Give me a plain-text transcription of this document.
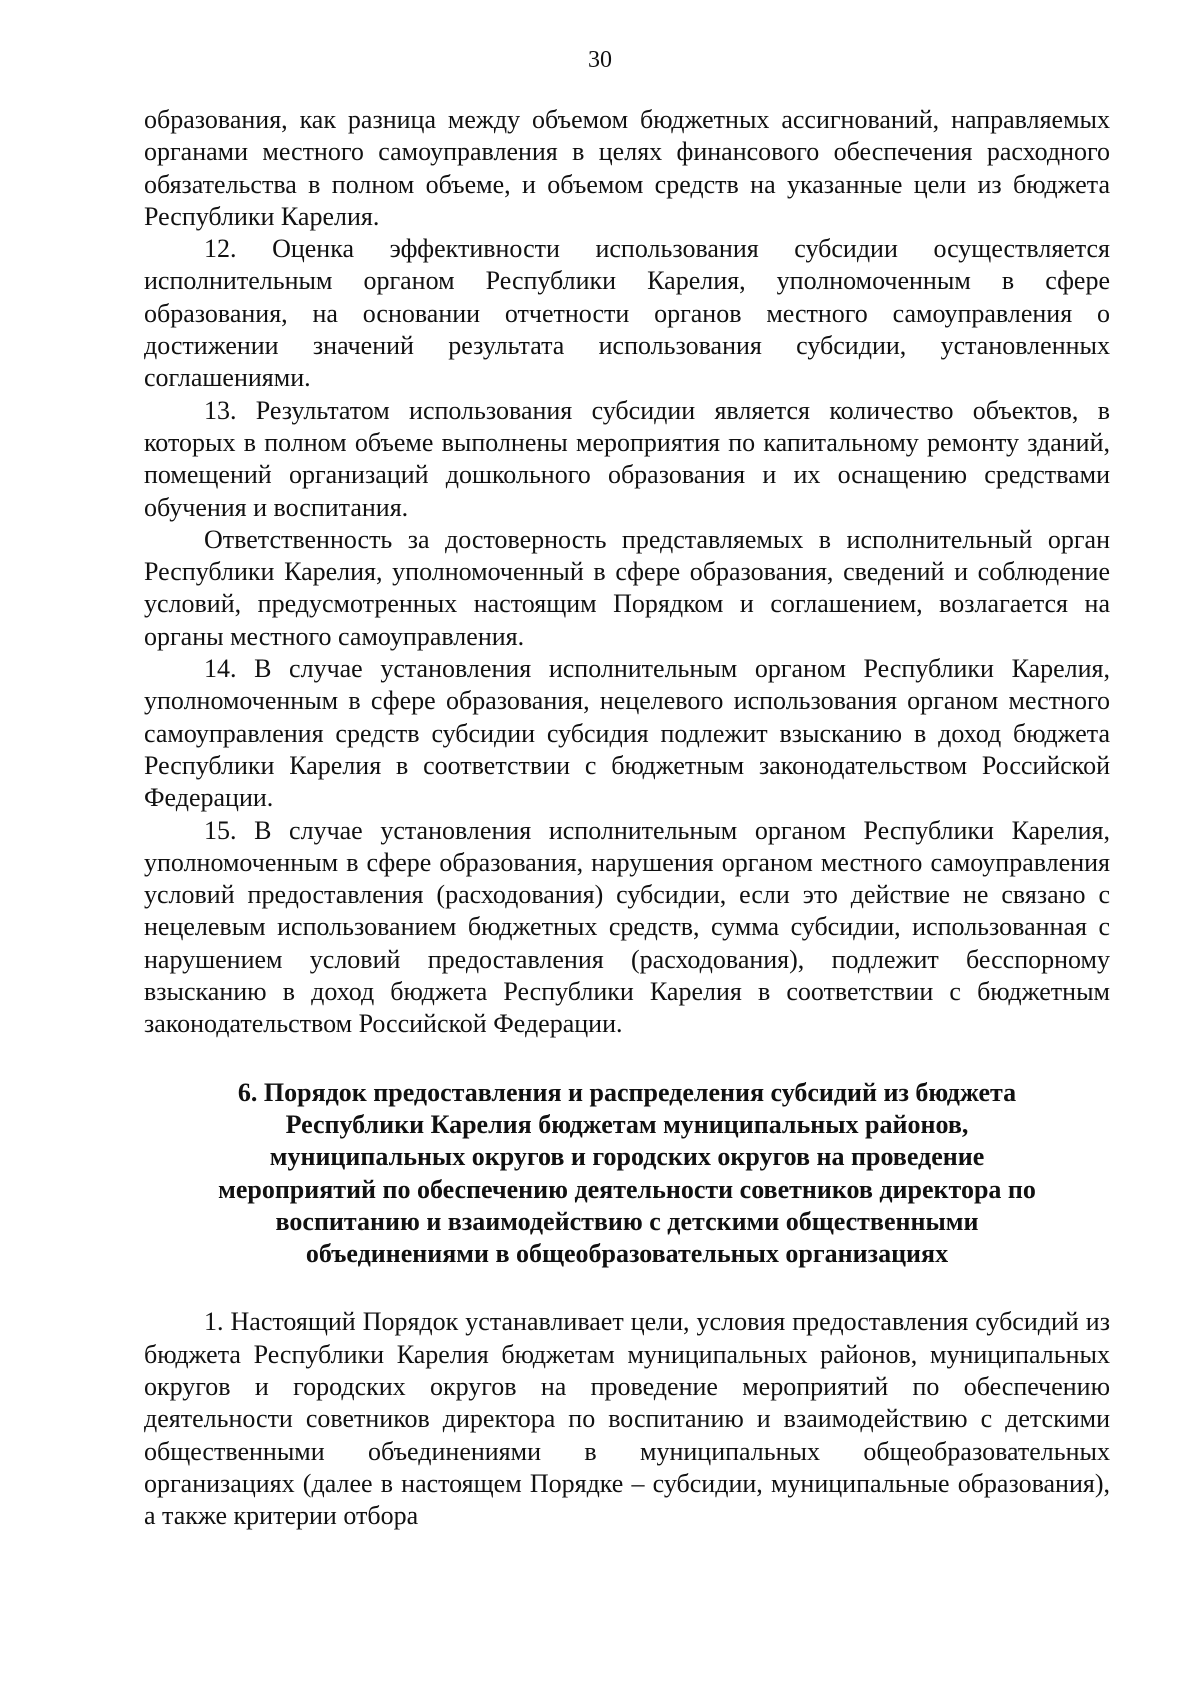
30

образования, как разница между объемом бюджетных ассигнований, направляемых органами местного самоуправления в целях финансового обеспечения расходного обязательства в полном объеме, и объемом средств на указанные цели из бюджета Республики Карелия.

12. Оценка эффективности использования субсидии осуществляется исполнительным органом Республики Карелия, уполномоченным в сфере образования, на основании отчетности органов местного самоуправления о достижении значений результата использования субсидии, установленных соглашениями.

13. Результатом использования субсидии является количество объектов, в которых в полном объеме выполнены мероприятия по капитальному ремонту зданий, помещений организаций дошкольного образования и их оснащению средствами обучения и воспитания.

Ответственность за достоверность представляемых в исполнительный орган Республики Карелия, уполномоченный в сфере образования, сведений и соблюдение условий, предусмотренных настоящим Порядком и соглашением, возлагается на органы местного самоуправления.

14. В случае установления исполнительным органом Республики Карелия, уполномоченным в сфере образования, нецелевого использования органом местного самоуправления средств субсидии субсидия подлежит взысканию в доход бюджета Республики Карелия в соответствии с бюджетным законодательством Российской Федерации.

15. В случае установления исполнительным органом Республики Карелия, уполномоченным в сфере образования, нарушения органом местного самоуправления условий предоставления (расходования) субсидии, если это действие не связано с нецелевым использованием бюджетных средств, сумма субсидии, использованная с нарушением условий предоставления (расходования), подлежит бесспорному взысканию в доход бюджета Республики Карелия в соответствии с бюджетным законодательством Российской Федерации.

6. Порядок предоставления и распределения субсидий из бюджета Республики Карелия бюджетам муниципальных районов, муниципальных округов и городских округов на проведение мероприятий по обеспечению деятельности советников директора по воспитанию и взаимодействию с детскими общественными объединениями в общеобразовательных организациях

1. Настоящий Порядок устанавливает цели, условия предоставления субсидий из бюджета Республики Карелия бюджетам муниципальных районов, муниципальных округов и городских округов на проведение мероприятий по обеспечению деятельности советников директора по воспитанию и взаимодействию с детскими общественными объединениями в муниципальных общеобразовательных организациях (далее в настоящем Порядке – субсидии, муниципальные образования), а также критерии отбора
